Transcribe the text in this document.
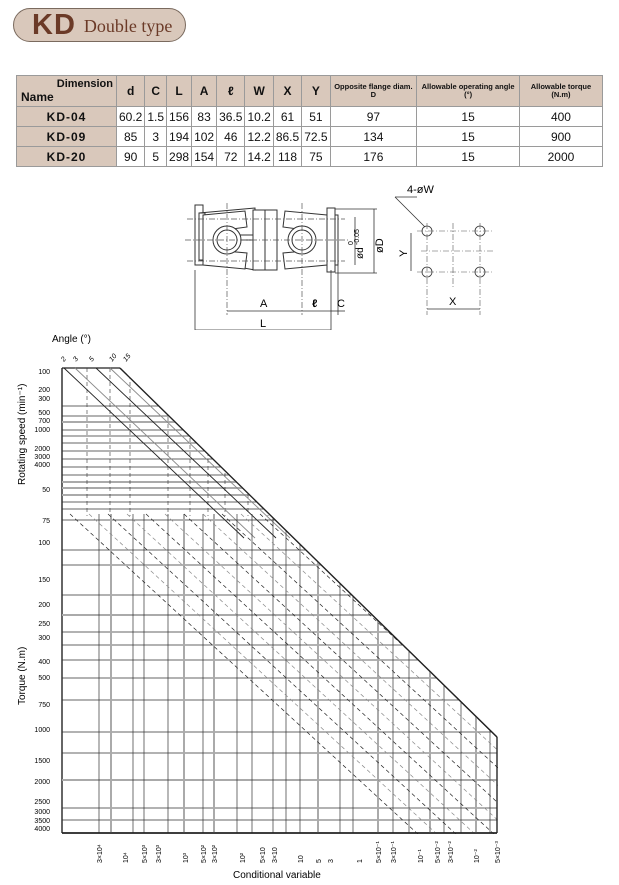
KD Double type
Dimension
Name	d	C	L	A	ℓ	W	X	Y	Opposite flange diam. D	Allowable operating angle (°)	Allowable torque (N.m)
KD-04	60.2	1.5	156	83	36.5	10.2	61	51	97	15	400
KD-09	85	3	194	102	46	12.2	86.5	72.5	134	15	900
KD-20	90	5	298	154	72	14.2	118	75	176	15	2000
A	ℓ C
L
øD
ød
0 -0.05
4-øW
Y
X

Angle (°)
2 3 5 10 15
100
200
300
500
700
1000
2000
3000
4000
Rotating speed (min⁻¹)
50
75
100
150
200
250
300
400
500
750
1000
1500
2000
2500
3000
3500
4000
Torque (N.m)
3×10⁴	10⁴ 5×10³ 3×10³	10³ 5×10² 3×10²	10² 5×10 3×10	10 5 3	1 5×10⁻¹ 3×10⁻¹	10⁻¹ 5×10⁻² 3×10⁻²	10⁻² 5×10⁻³
Conditional variable
